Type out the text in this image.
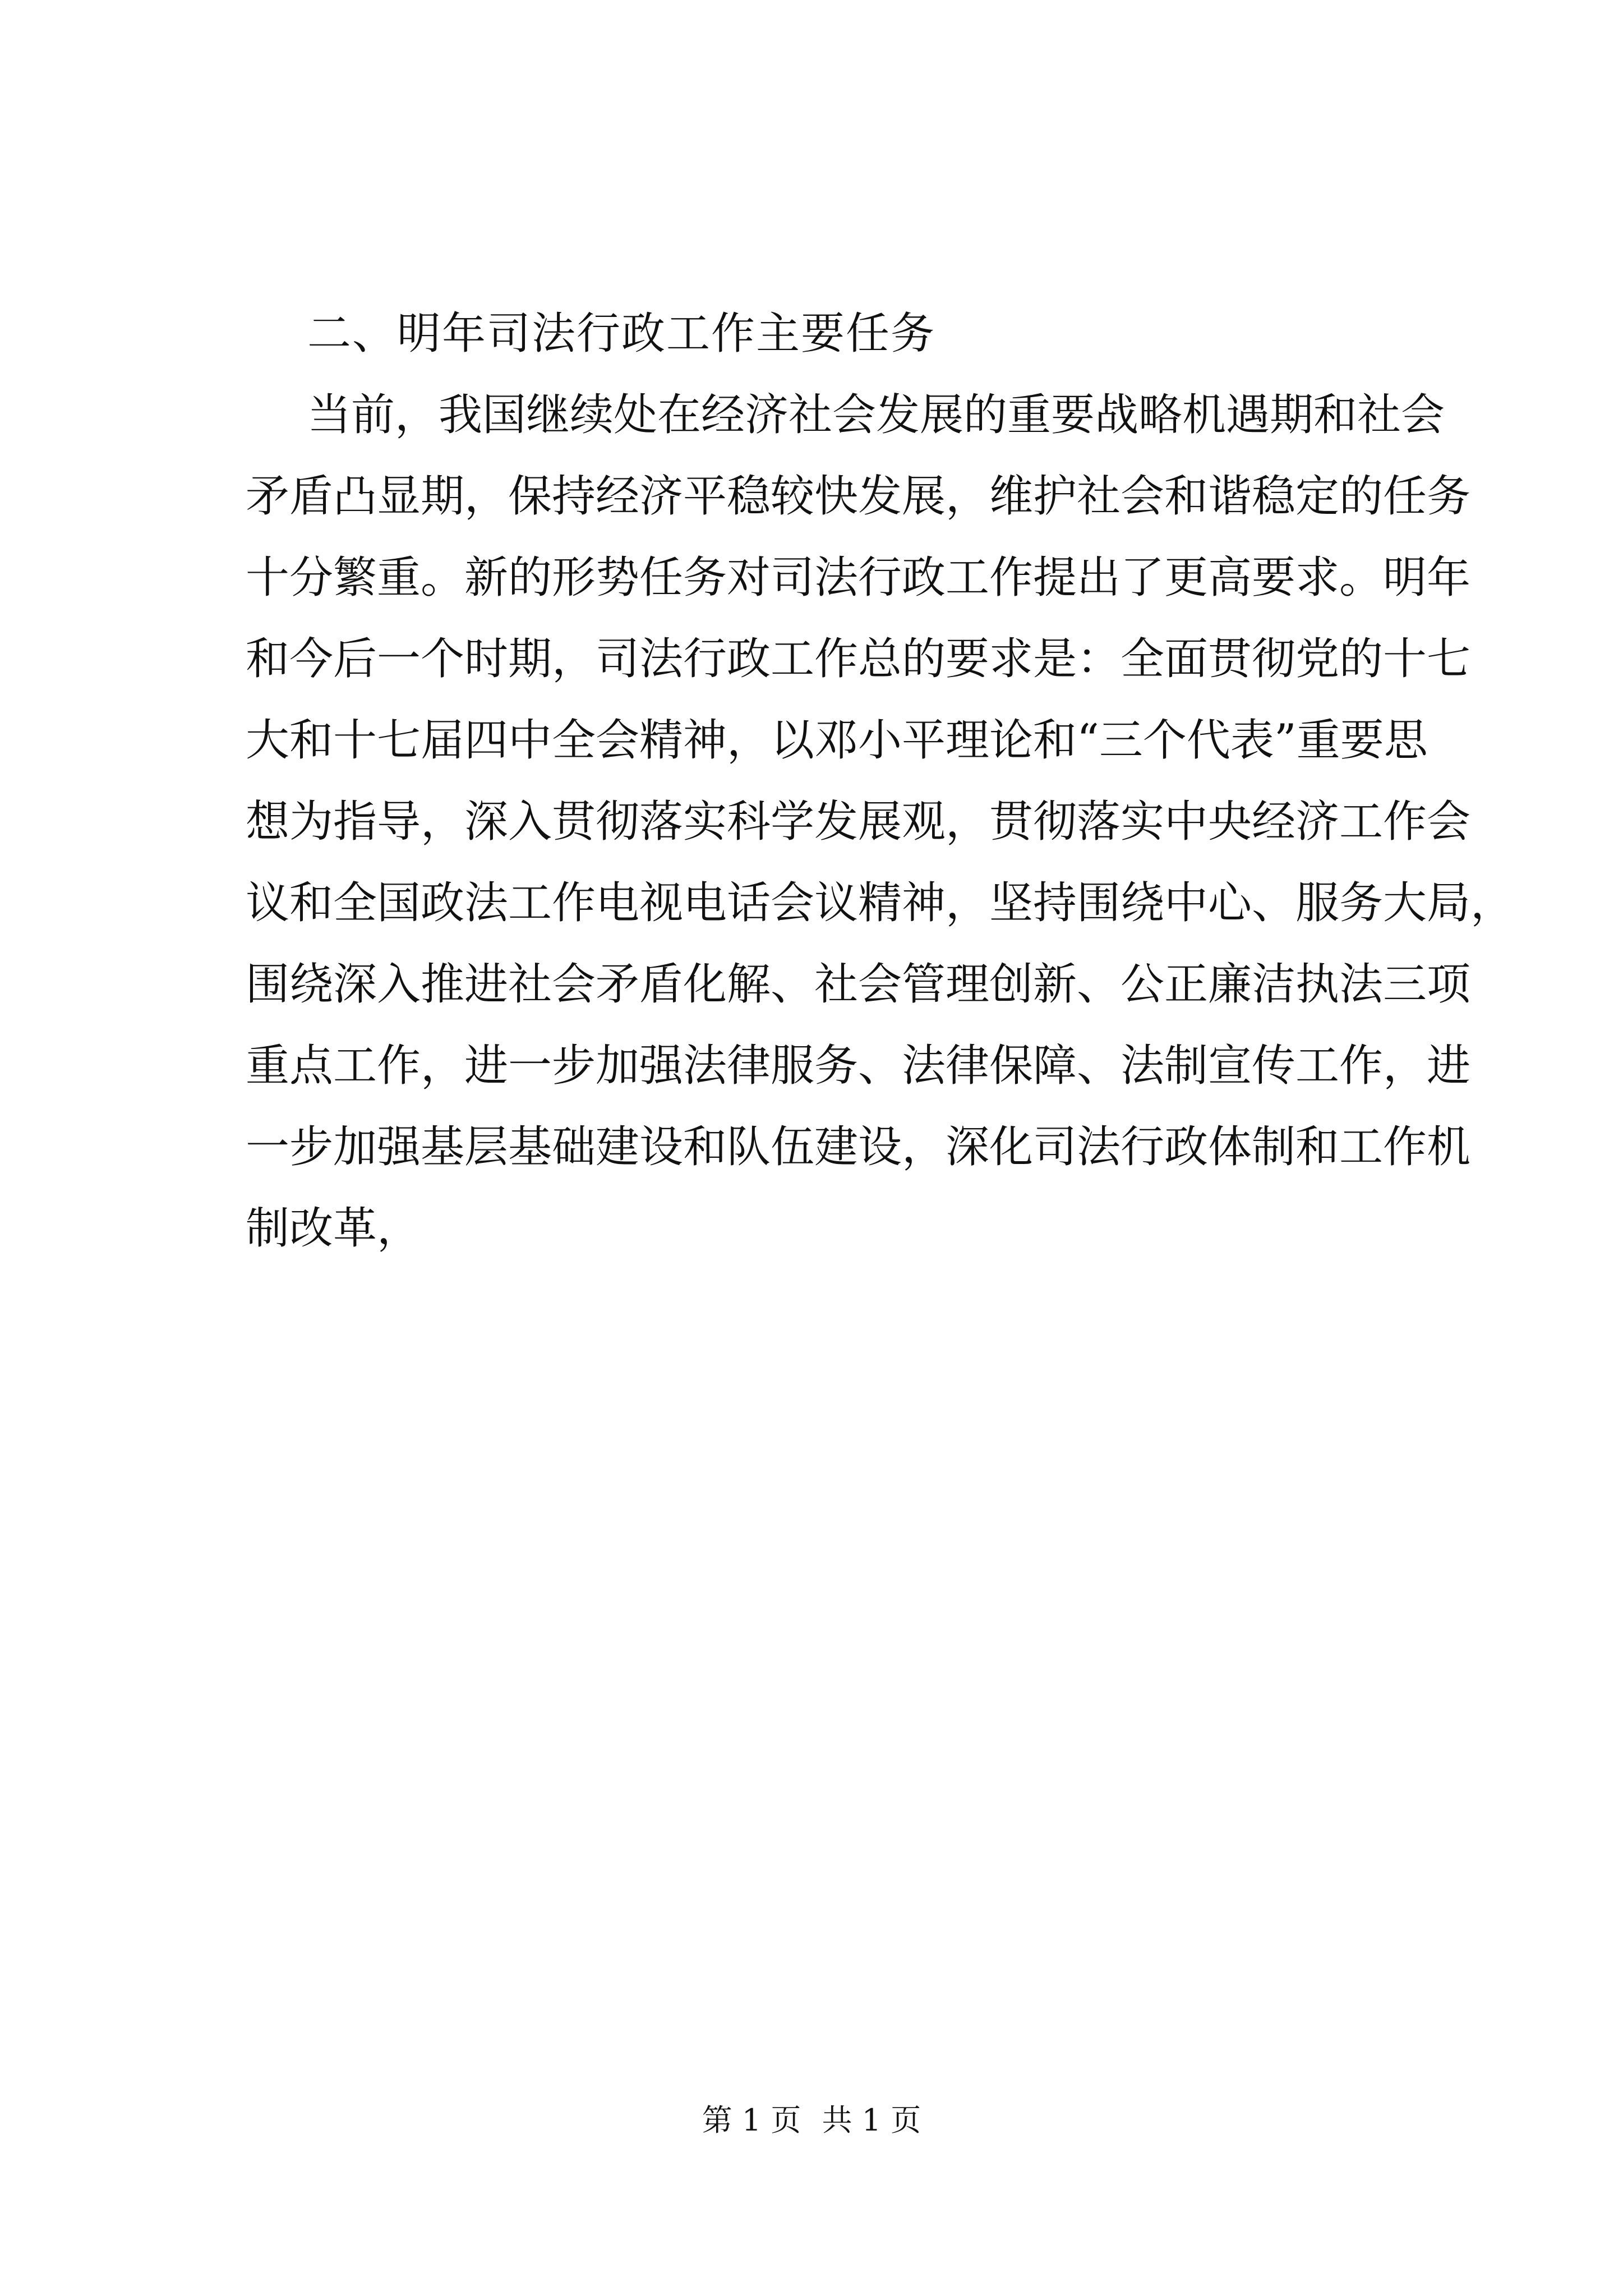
二、明年司法行政工作主要任务
当前，我国继续处在经济社会发展的重要战略机遇期和社会
矛盾凸显期，保持经济平稳较快发展，维护社会和谐稳定的任务
十分繁重。新的形势任务对司法行政工作提出了更高要求。明年
和今后一个时期，司法行政工作总的要求是：全面贯彻党的十七
大和十七届四中全会精神，以邓小平理论和“三个代表”重要思
想为指导，深入贯彻落实科学发展观，贯彻落实中央经济工作会
议和全国政法工作电视电话会议精神，坚持围绕中心、服务大局，
围绕深入推进社会矛盾化解、社会管理创新、公正廉洁执法三项
重点工作，进一步加强法律服务、法律保障、法制宣传工作，进
一步加强基层基础建设和队伍建设，深化司法行政体制和工作机
制改革，
第 1 页 共 1 页
